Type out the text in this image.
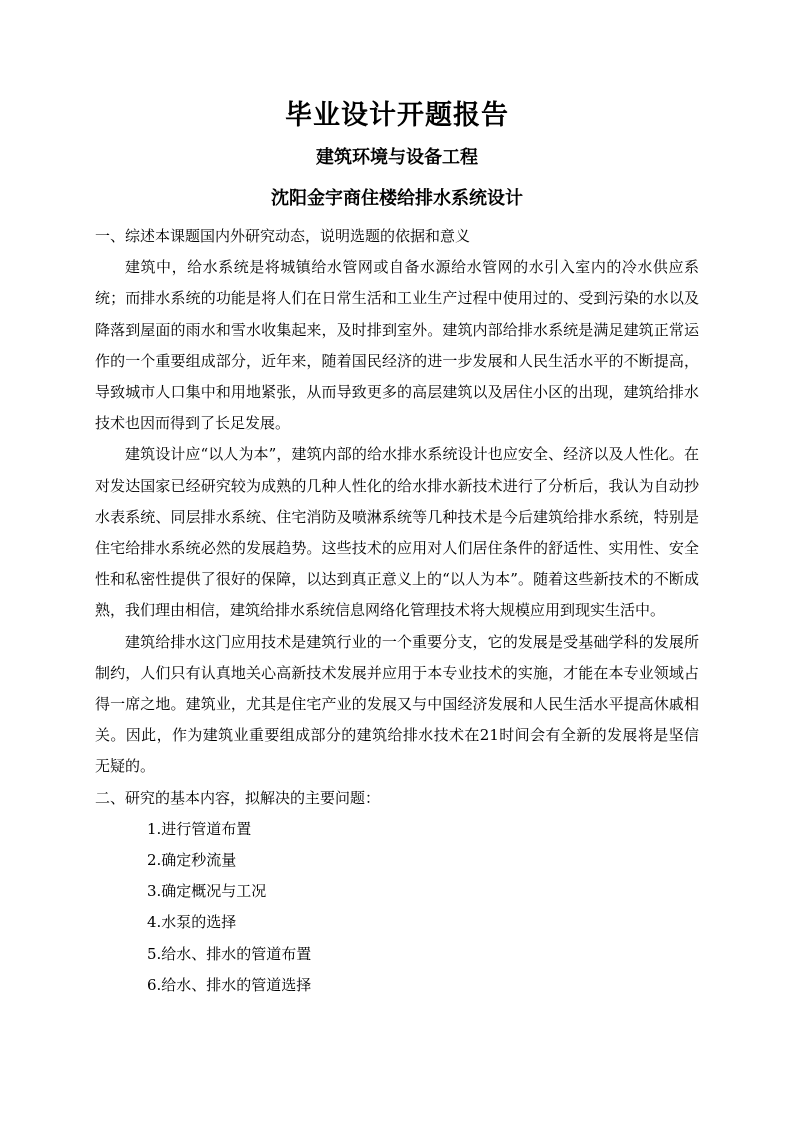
毕业设计开题报告
建筑环境与设备工程
沈阳金宇商住楼给排水系统设计

一、综述本课题国内外研究动态，说明选题的依据和意义

建筑中，给水系统是将城镇给水管网或自备水源给水管网的水引入室内的冷水供应系统；而排水系统的功能是将人们在日常生活和工业生产过程中使用过的、受到污染的水以及降落到屋面的雨水和雪水收集起来，及时排到室外。建筑内部给排水系统是满足建筑正常运作的一个重要组成部分，近年来，随着国民经济的进一步发展和人民生活水平的不断提高，导致城市人口集中和用地紧张，从而导致更多的高层建筑以及居住小区的出现，建筑给排水技术也因而得到了长足发展。

建筑设计应“以人为本”，建筑内部的给水排水系统设计也应安全、经济以及人性化。在对发达国家已经研究较为成熟的几种人性化的给水排水新技术进行了分析后，我认为自动抄水表系统、同层排水系统、住宅消防及喷淋系统等几种技术是今后建筑给排水系统，特别是住宅给排水系统必然的发展趋势。这些技术的应用对人们居住条件的舒适性、实用性、安全性和私密性提供了很好的保障，以达到真正意义上的“以人为本”。随着这些新技术的不断成熟，我们理由相信，建筑给排水系统信息网络化管理技术将大规模应用到现实生活中。

建筑给排水这门应用技术是建筑行业的一个重要分支，它的发展是受基础学科的发展所制约，人们只有认真地关心高新技术发展并应用于本专业技术的实施，才能在本专业领域占得一席之地。建筑业，尤其是住宅产业的发展又与中国经济发展和人民生活水平提高休戚相关。因此，作为建筑业重要组成部分的建筑给排水技术在21时间会有全新的发展将是坚信无疑的。

二、研究的基本内容，拟解决的主要问题：

1.进行管道布置
2.确定秒流量
3.确定概况与工况
4.水泵的选择
5.给水、排水的管道布置
6.给水、排水的管道选择
